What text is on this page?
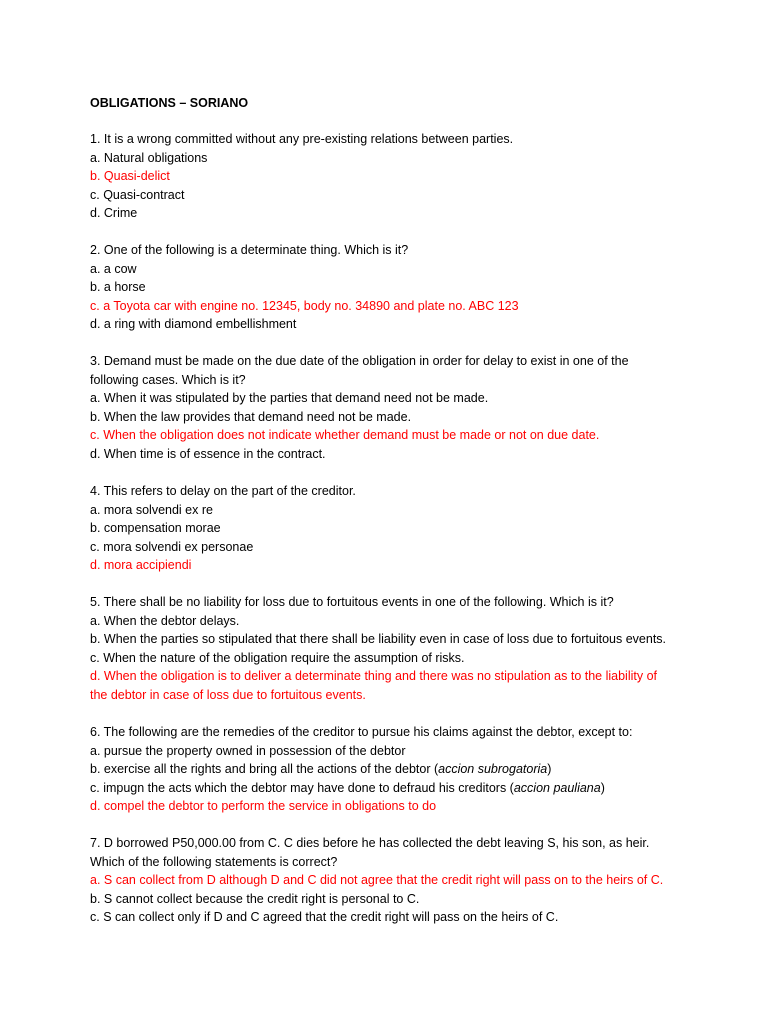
OBLIGATIONS – SORIANO
1. It is a wrong committed without any pre-existing relations between parties.
a. Natural obligations
b. Quasi-delict
c. Quasi-contract
d. Crime
2. One of the following is a determinate thing. Which is it?
a. a cow
b. a horse
c. a Toyota car with engine no. 12345, body no. 34890 and plate no. ABC 123
d. a ring with diamond embellishment
3. Demand must be made on the due date of the obligation in order for delay to exist in one of the
following cases. Which is it?
a. When it was stipulated by the parties that demand need not be made.
b. When the law provides that demand need not be made.
c. When the obligation does not indicate whether demand must be made or not on due date.
d. When time is of essence in the contract.
4. This refers to delay on the part of the creditor.
a. mora solvendi ex re
b. compensation morae
c. mora solvendi ex personae
d. mora accipiendi
5. There shall be no liability for loss due to fortuitous events in one of the following. Which is it?
a. When the debtor delays.
b. When the parties so stipulated that there shall be liability even in case of loss due to fortuitous events.
c. When the nature of the obligation require the assumption of risks.
d. When the obligation is to deliver a determinate thing and there was no stipulation as to the liability of
the debtor in case of loss due to fortuitous events.
6. The following are the remedies of the creditor to pursue his claims against the debtor, except to:
a. pursue the property owned in possession of the debtor
b. exercise all the rights and bring all the actions of the debtor (accion subrogatoria)
c. impugn the acts which the debtor may have done to defraud his creditors (accion pauliana)
d. compel the debtor to perform the service in obligations to do
7. D borrowed P50,000.00 from C. C dies before he has collected the debt leaving S, his son, as heir.
Which of the following statements is correct?
a. S can collect from D although D and C did not agree that the credit right will pass on to the heirs of C.
b. S cannot collect because the credit right is personal to C.
c. S can collect only if D and C agreed that the credit right will pass on the heirs of C.
